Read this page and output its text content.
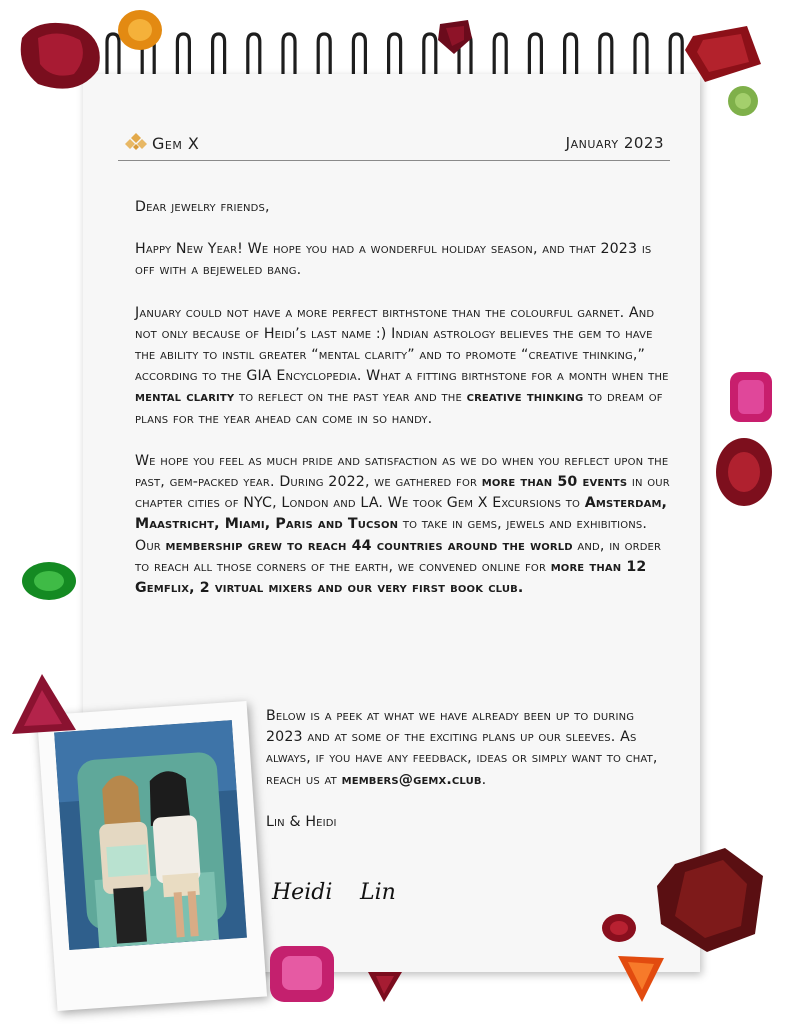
Gem X	January 2023

Dear jewelry friends,

Happy New Year! We hope you had a wonderful holiday season, and that 2023 is off with a bejeweled bang.

January could not have a more perfect birthstone than the colourful garnet. And not only because of Heidi’s last name :) Indian astrology believes the gem to have the ability to instil greater “mental clarity” and to promote “creative thinking,” according to the GIA Encyclopedia. What a fitting birthstone for a month when the mental clarity to reflect on the past year and the creative thinking to dream of plans for the year ahead can come in so handy.

We hope you feel as much pride and satisfaction as we do when you reflect upon the past, gem-packed year. During 2022, we gathered for more than 50 events in our chapter cities of NYC, London and LA. We took Gem X Excursions to Amsterdam, Maastricht, Miami, Paris and Tucson to take in gems, jewels and exhibitions. Our membership grew to reach 44 countries around the world and, in order to reach all those corners of the earth, we convened online for more than 12 Gemflix, 2 virtual mixers and our very first book club.

Below is a peek at what we have already been up to during 2023 and at some of the exciting plans up our sleeves. As always, if you have any feedback, ideas or simply want to chat, reach us at members@gemx.club.

Lin & Heidi

Heidi Lin
